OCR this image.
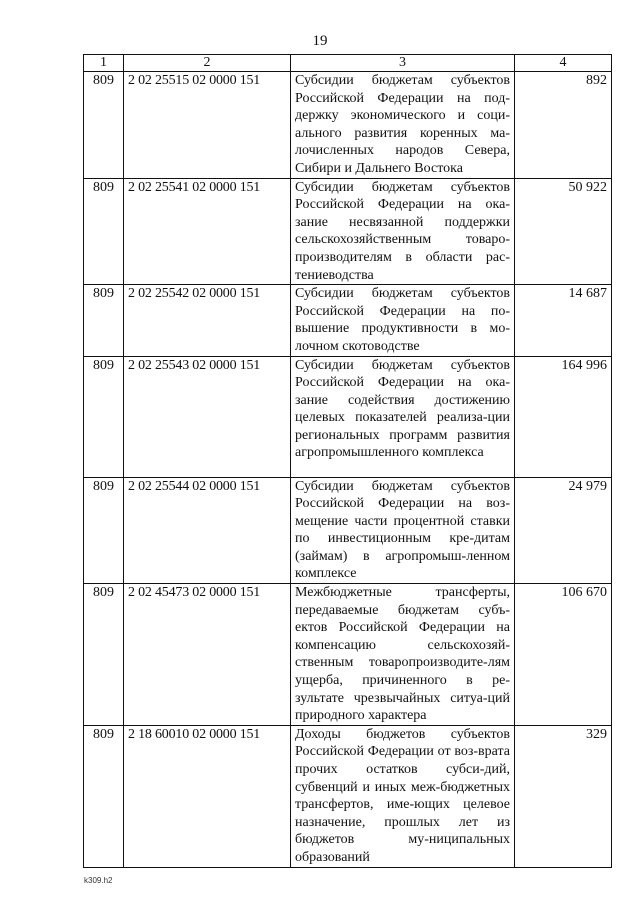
19
1	2	3	4
809	2 02 25515 02 0000 151	Субсидии бюджетам субъектов Российской Федерации на под-держку экономического и соци-ального развития коренных ма-лочисленных народов Севера, Сибири и Дальнего Востока	892
809	2 02 25541 02 0000 151	Субсидии бюджетам субъектов Российской Федерации на ока-зание несвязанной поддержки сельскохозяйственным товаро-производителям в области рас-тениеводства	50 922
809	2 02 25542 02 0000 151	Субсидии бюджетам субъектов Российской Федерации на по-вышение продуктивности в мо-лочном скотоводстве	14 687
809	2 02 25543 02 0000 151	Субсидии бюджетам субъектов Российской Федерации на ока-зание содействия достижению целевых показателей реализа-ции региональных программ развития агропромышленного комплекса	164 996
809	2 02 25544 02 0000 151	Субсидии бюджетам субъектов Российской Федерации на воз-мещение части процентной ставки по инвестиционным кре-дитам (займам) в агропромыш-ленном комплексе	24 979
809	2 02 45473 02 0000 151	Межбюджетные трансферты, передаваемые бюджетам субъ-ектов Российской Федерации на компенсацию сельскохозяй-ственным товаропроизводите-лям ущерба, причиненного в ре-зультате чрезвычайных ситуа-ций природного характера	106 670
809	2 18 60010 02 0000 151	Доходы бюджетов субъектов Российской Федерации от воз-врата прочих остатков субси-дий, субвенций и иных меж-бюджетных трансфертов, име-ющих целевое назначение, прошлых лет из бюджетов му-ниципальных образований	329
k309.h2
